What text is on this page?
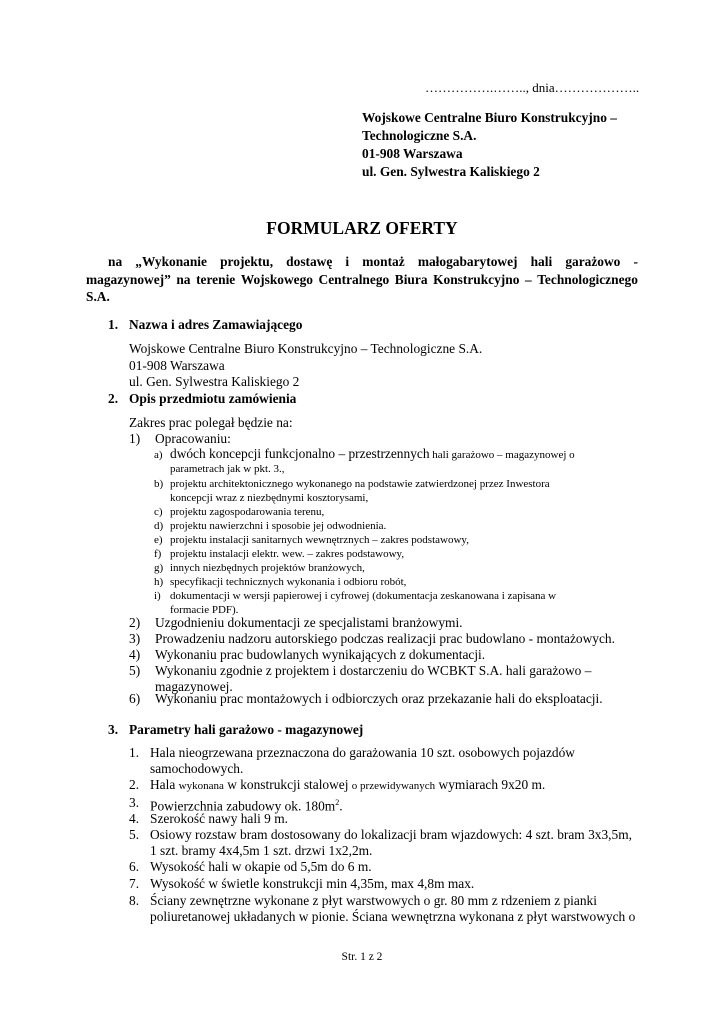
…………….…….., dnia………………..
Wojskowe Centralne Biuro Konstrukcyjno –
Technologiczne S.A.
01-908 Warszawa
ul. Gen. Sylwestra Kaliskiego 2
FORMULARZ OFERTY
na „Wykonanie projektu, dostawę i montaż małogabarytowej hali garażowo -
magazynowej” na terenie Wojskowego Centralnego Biura Konstrukcyjno – Technologicznego
S.A.
1. Nazwa i adres Zamawiającego
Wojskowe Centralne Biuro Konstrukcyjno – Technologiczne S.A.
01-908 Warszawa
ul. Gen. Sylwestra Kaliskiego 2
2. Opis przedmiotu zamówienia
Zakres prac polegał będzie na:
1) Opracowaniu:
a) dwóch koncepcji funkcjonalno – przestrzennych hali garażowo – magazynowej o
parametrach jak w pkt. 3.,
b) projektu architektonicznego wykonanego na podstawie zatwierdzonej przez Inwestora
koncepcji wraz z niezbędnymi kosztorysami,
c) projektu zagospodarowania terenu,
d) projektu nawierzchni i sposobie jej odwodnienia.
e) projektu instalacji sanitarnych wewnętrznych – zakres podstawowy,
f) projektu instalacji elektr. wew. – zakres podstawowy,
g) innych niezbędnych projektów branżowych,
h) specyfikacji technicznych wykonania i odbioru robót,
i) dokumentacji w wersji papierowej i cyfrowej (dokumentacja zeskanowana i zapisana w
formacie PDF).
2) Uzgodnieniu dokumentacji ze specjalistami branżowymi.
3) Prowadzeniu nadzoru autorskiego podczas realizacji prac budowlano - montażowych.
4) Wykonaniu prac budowlanych wynikających z dokumentacji.
5) Wykonaniu zgodnie z projektem i dostarczeniu do WCBKT S.A. hali garażowo –
magazynowej.
6) Wykonaniu prac montażowych i odbiorczych oraz przekazanie hali do eksploatacji.
3. Parametry hali garażowo - magazynowej
1. Hala nieogrzewana przeznaczona do garażowania 10 szt. osobowych pojazdów
samochodowych.
2. Hala wykonana w konstrukcji stalowej o przewidywanych wymiarach 9x20 m.
3. Powierzchnia zabudowy ok. $180m^2$.
4. Szerokość nawy hali 9 m.
5. Osiowy rozstaw bram dostosowany do lokalizacji bram wjazdowych: 4 szt. bram 3x3,5m,
1 szt. bramy 4x4,5m 1 szt. drzwi 1x2,2m.
6. Wysokość hali w okapie od 5,5m do 6 m.
7. Wysokość w świetle konstrukcji min 4,35m, max 4,8m max.
8. Ściany zewnętrzne wykonane z płyt warstwowych o gr. 80 mm z rdzeniem z pianki
poliuretanowej układanych w pionie. Ściana wewnętrzna wykonana z płyt warstwowych o
Str. 1 z 2
